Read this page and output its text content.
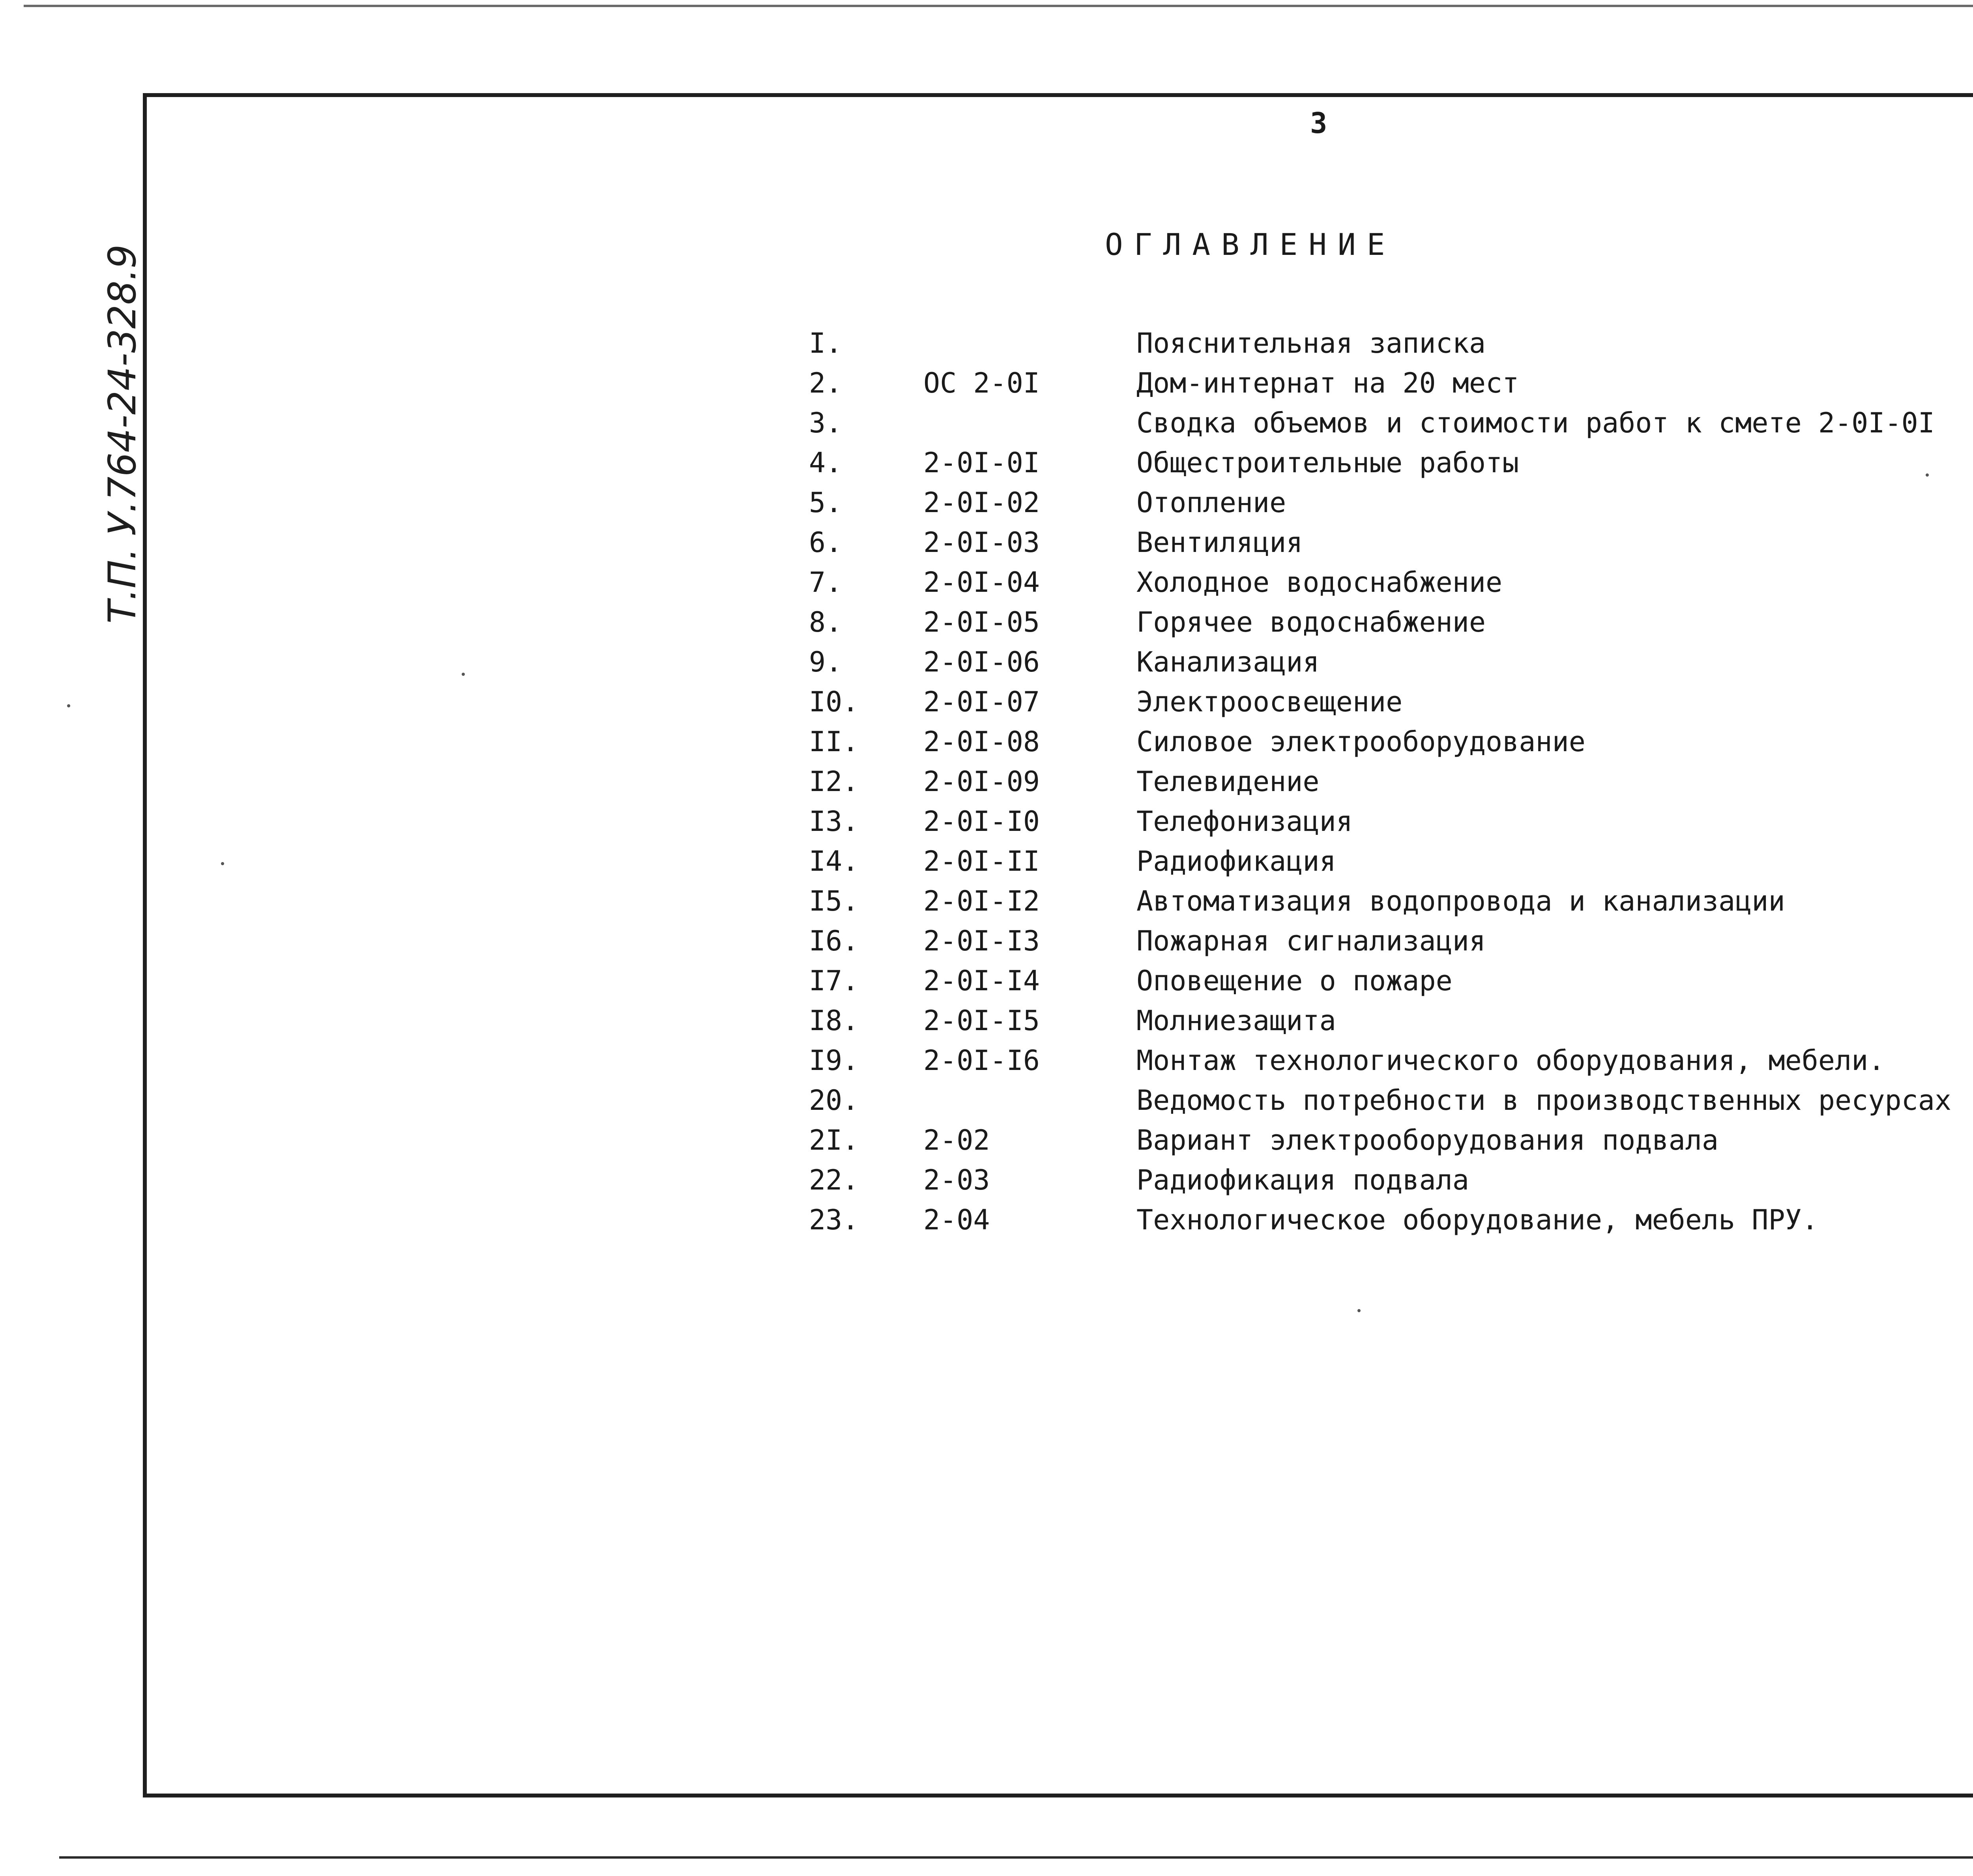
3
ОГЛАВЛЕНИЕ
Т.П. У.764-24-328.9	I.	Пояснительная записка
2.	ОС 2-0I	Дом-интернат на 20 мест
3.	Сводка объемов и стоимости работ к смете 2-0I-0I
4.	2-0I-0I	Общестроительные работы
5.	2-0I-02	Отопление
6.	2-0I-03	Вентиляция
7.	2-0I-04	Холодное водоснабжение
8.	2-0I-05	Горячее водоснабжение
9.	2-0I-06	Канализация
I0. 2-0I-07	Электроосвещение
II. 2-0I-08	Силовое электрооборудование
I2. 2-0I-09	Телевидение
I3. 2-0I-I0	Телефонизация
I4. 2-0I-II	Радиофикация
I5. 2-0I-I2	Автоматизация водопровода и канализации
I6. 2-0I-I3	Пожарная сигнализация
I7. 2-0I-I4	Оповещение о пожаре
I8. 2-0I-I5	Молниезащита
I9. 2-0I-I6	Монтаж технологического оборудования, мебели.
20.	Ведомость потребности в производственных ресурсах
2I. 2-02	Вариант электрооборудования подвала
22. 2-03	Радиофикация подвала
23. 2-04	Технологическое оборудование, мебель ПРУ.
